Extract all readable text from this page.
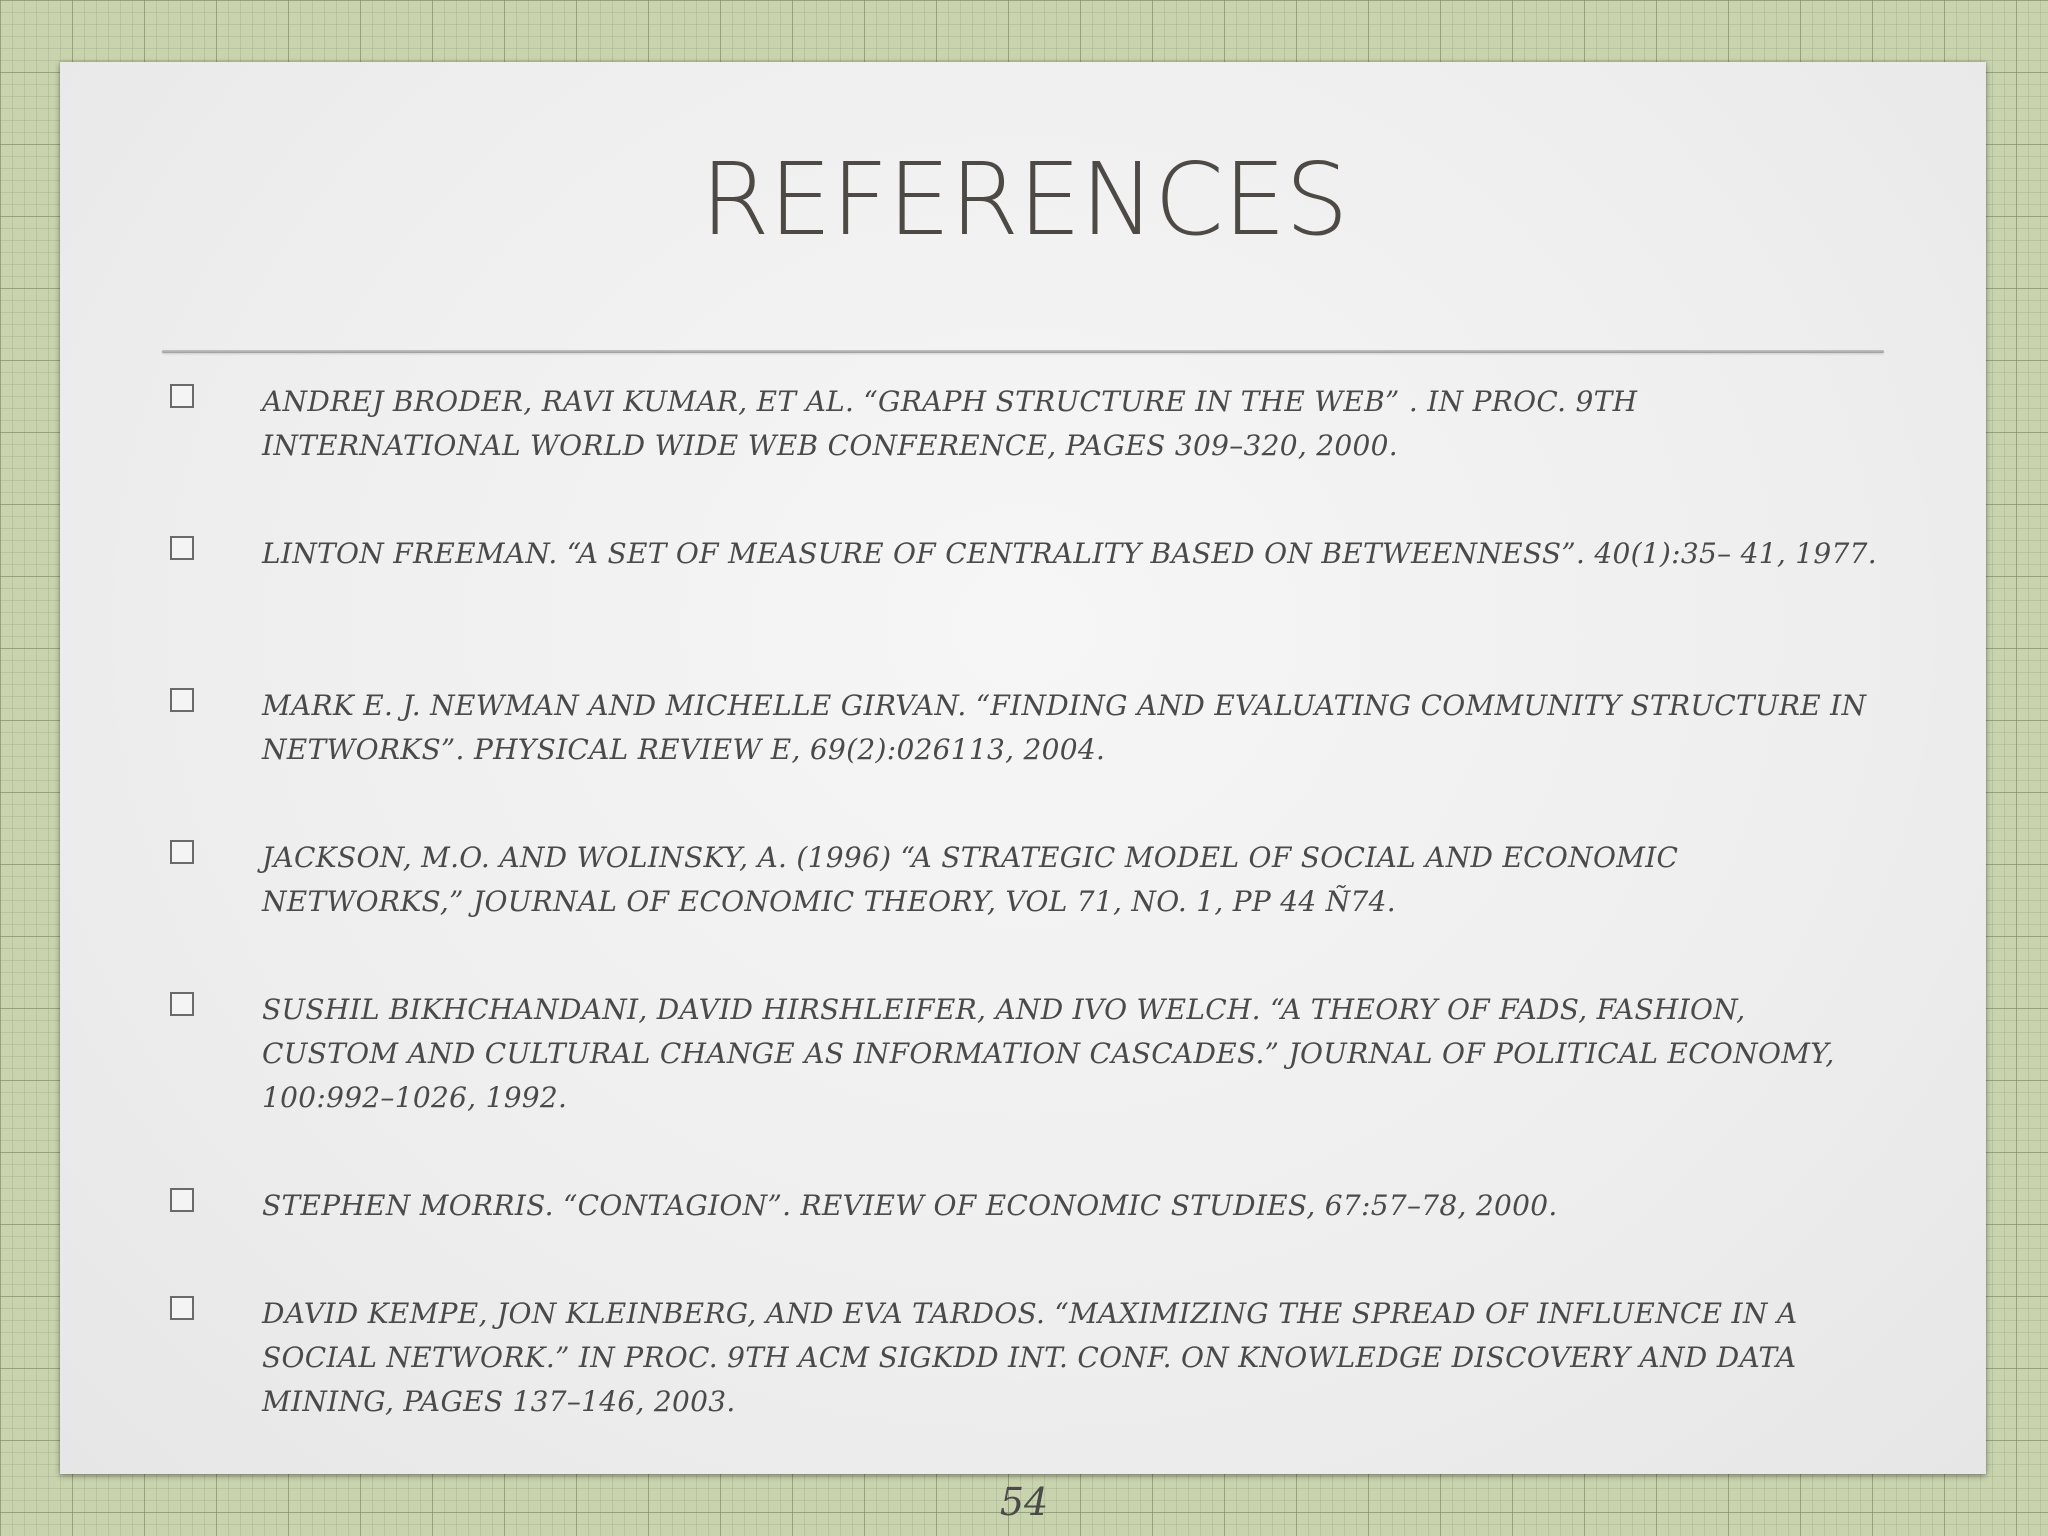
REFERENCES

ANDREJ BRODER, RAVI KUMAR, ET AL. “GRAPH STRUCTURE IN THE WEB” . IN PROC. 9TH INTERNATIONAL WORLD WIDE WEB CONFERENCE, PAGES 309–320, 2000.

LINTON FREEMAN. “A SET OF MEASURE OF CENTRALITY BASED ON BETWEENNESS”. 40(1):35– 41, 1977.

MARK E. J. NEWMAN AND MICHELLE GIRVAN. “FINDING AND EVALUATING COMMUNITY STRUCTURE IN NETWORKS”. PHYSICAL REVIEW E, 69(2):026113, 2004.

JACKSON, M.O. AND WOLINSKY, A. (1996) “A STRATEGIC MODEL OF SOCIAL AND ECONOMIC NETWORKS,” JOURNAL OF ECONOMIC THEORY, VOL 71, NO. 1, PP 44 Ñ74.

SUSHIL BIKHCHANDANI, DAVID HIRSHLEIFER, AND IVO WELCH. “A THEORY OF FADS, FASHION, CUSTOM AND CULTURAL CHANGE AS INFORMATION CASCADES.” JOURNAL OF POLITICAL ECONOMY, 100:992–1026, 1992.

STEPHEN MORRIS. “CONTAGION”. REVIEW OF ECONOMIC STUDIES, 67:57–78, 2000.

DAVID KEMPE, JON KLEINBERG, AND EVA TARDOS. “MAXIMIZING THE SPREAD OF INFLUENCE IN A SOCIAL NETWORK.” IN PROC. 9TH ACM SIGKDD INT. CONF. ON KNOWLEDGE DISCOVERY AND DATA MINING, PAGES 137–146, 2003.

54
